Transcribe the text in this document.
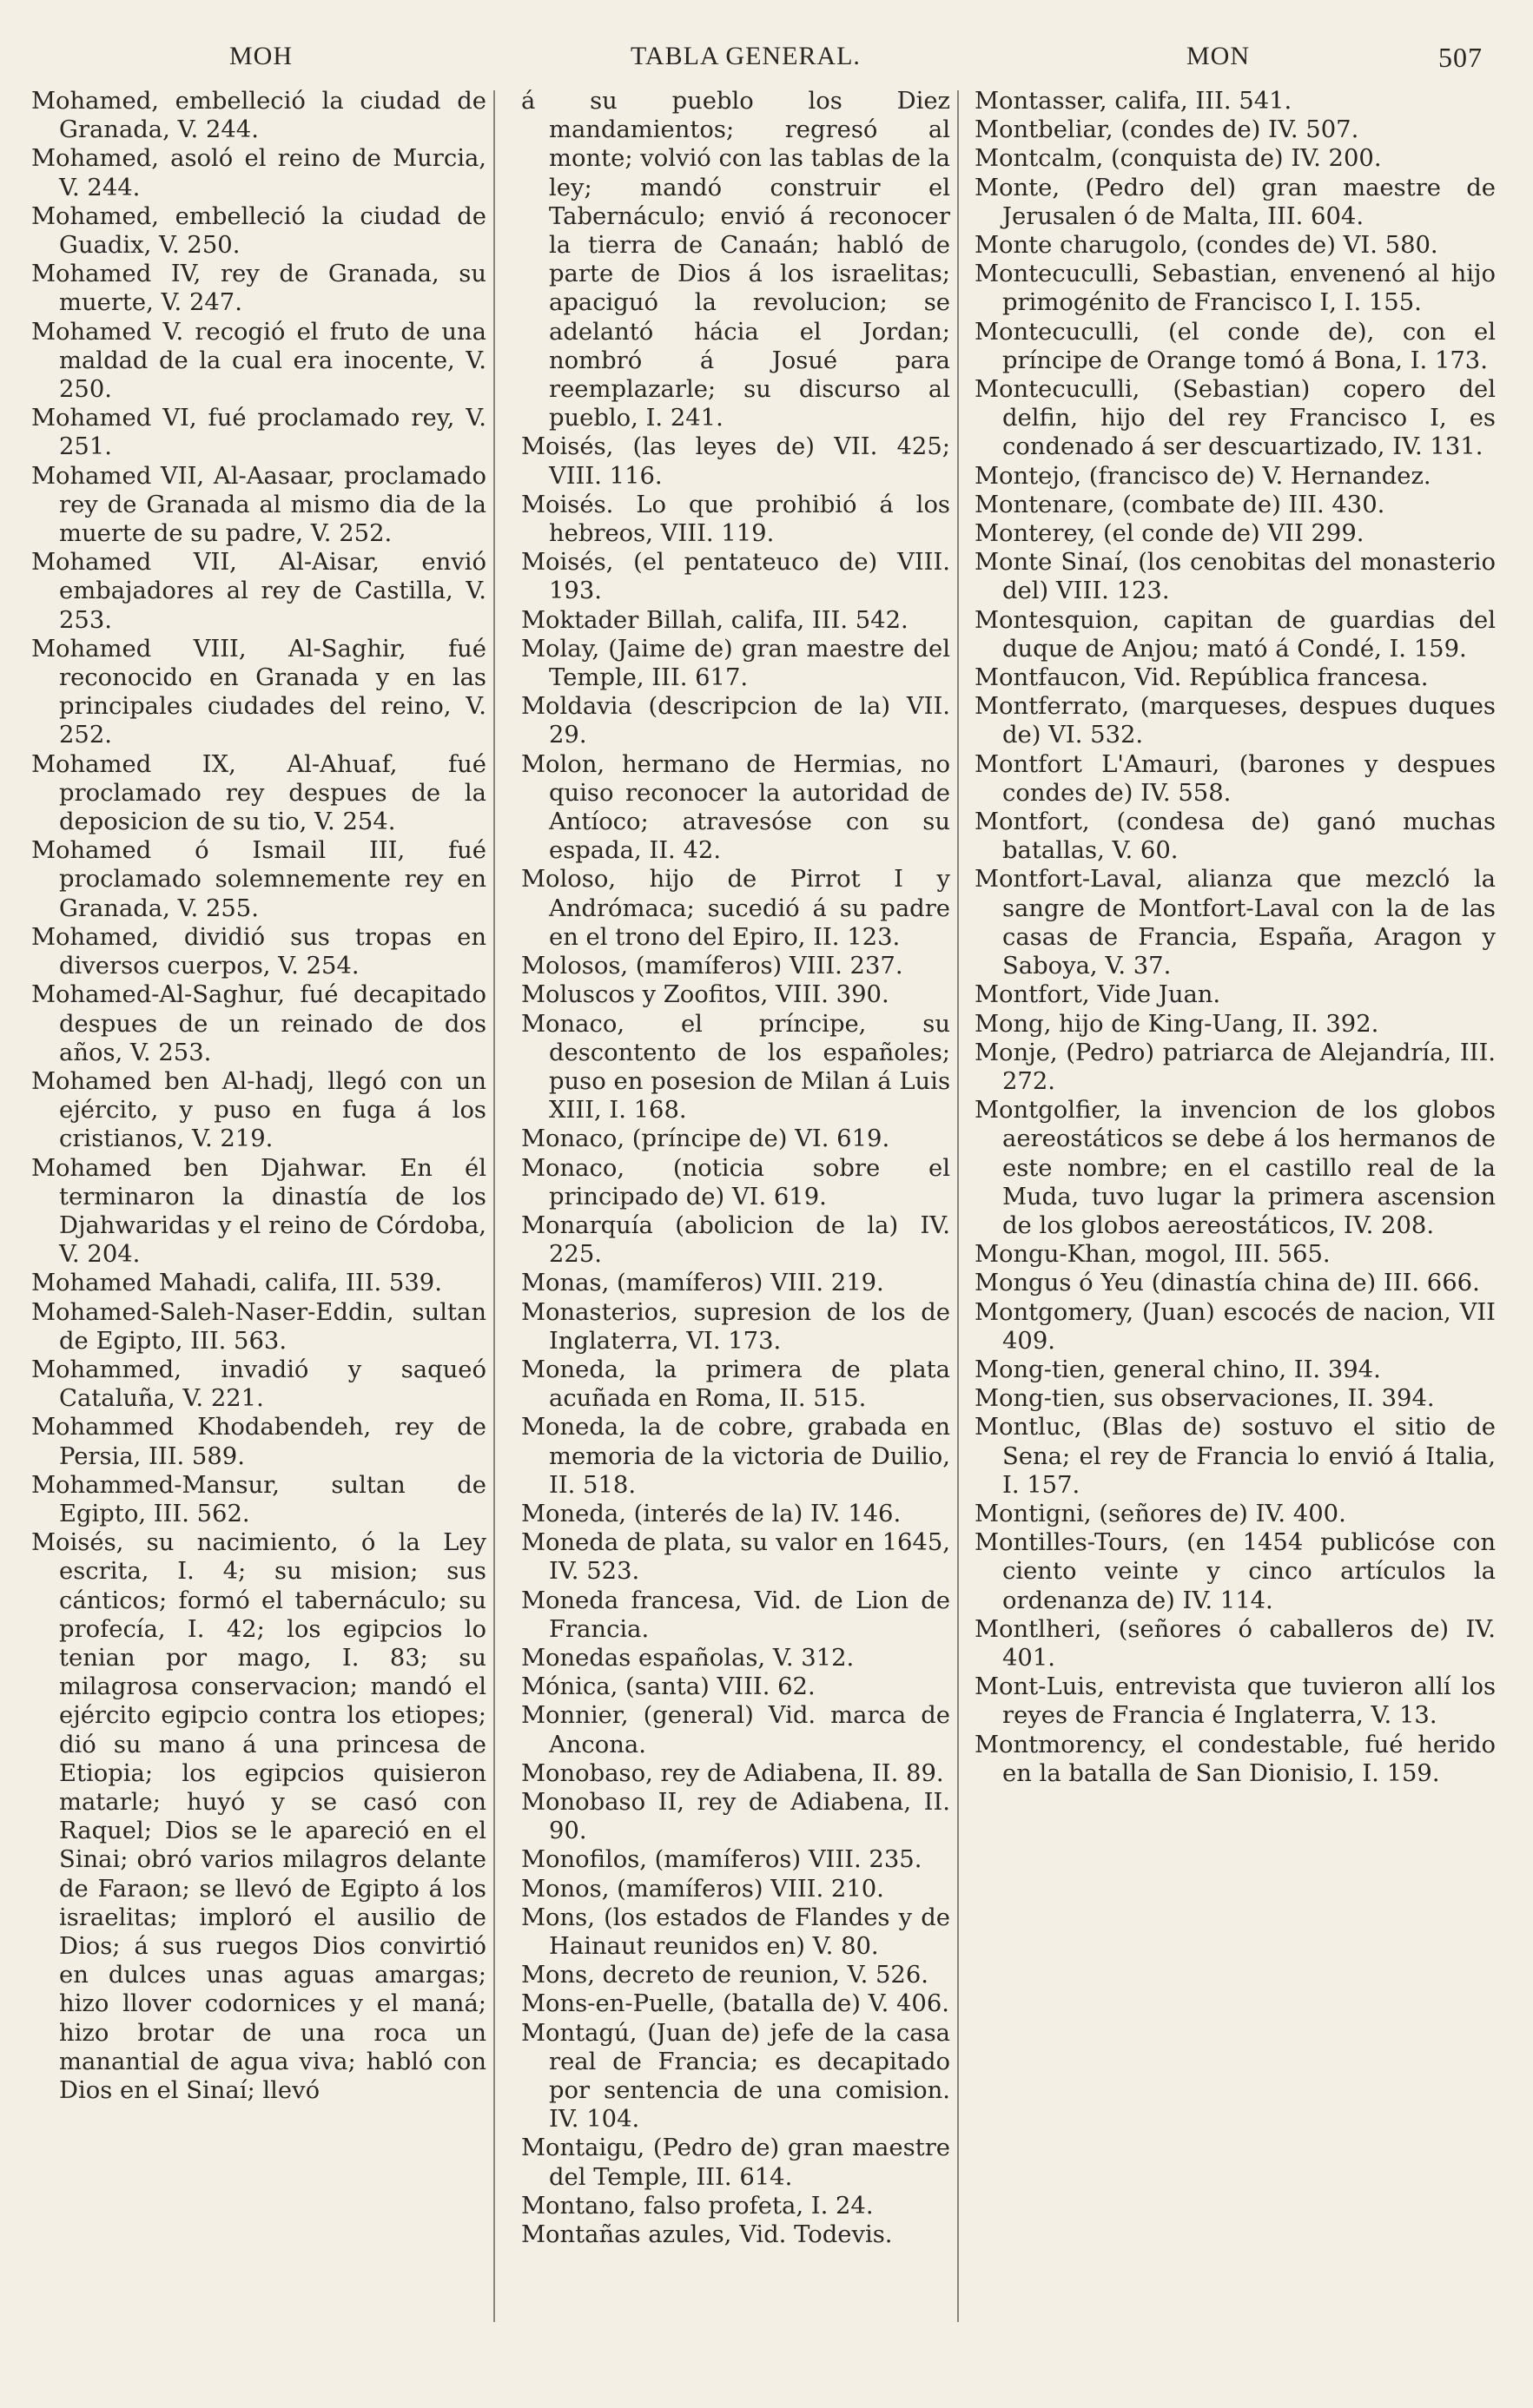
MOH	TABLA GENERAL.	MON	507

Mohamed, embelleció la ciudad de Granada, V. 244.

Mohamed, asoló el reino de Murcia, V. 244.

Mohamed, embelleció la ciudad de Guadix, V. 250.

Mohamed IV, rey de Granada, su muerte, V. 247.

Mohamed V. recogió el fruto de una maldad de la cual era inocente, V. 250.

Mohamed VI, fué proclamado rey, V. 251.

Mohamed VII, Al-Aasaar, proclamado rey de Granada al mismo dia de la muerte de su padre, V. 252.

Mohamed VII, Al-Aisar, envió embajadores al rey de Castilla, V. 253.

Mohamed VIII, Al-Saghir, fué reconocido en Granada y en las principales ciudades del reino, V. 252.

Mohamed IX, Al-Ahuaf, fué proclamado rey despues de la deposicion de su tio, V. 254.

Mohamed ó Ismail III, fué proclamado solemnemente rey en Granada, V. 255.

Mohamed, dividió sus tropas en diversos cuerpos, V. 254.

Mohamed-Al-Saghur, fué decapitado despues de un reinado de dos años, V. 253.

Mohamed ben Al-hadj, llegó con un ejército, y puso en fuga á los cristianos, V. 219.

Mohamed ben Djahwar. En él terminaron la dinastía de los Djahwaridas y el reino de Córdoba, V. 204.

Mohamed Mahadi, califa, III. 539.

Mohamed-Saleh-Naser-Eddin, sultan de Egipto, III. 563.

Mohammed, invadió y saqueó Cataluña, V. 221.

Mohammed Khodabendeh, rey de Persia, III. 589.

Mohammed-Mansur, sultan de Egipto, III. 562.

Moisés, su nacimiento, ó la Ley escrita, I. 4; su mision; sus cánticos; formó el tabernáculo; su profecía, I. 42; los egipcios lo tenian por mago, I. 83; su milagrosa conservacion; mandó el ejército egipcio contra los etiopes; dió su mano á una princesa de Etiopia; los egipcios quisieron matarle; huyó y se casó con Raquel; Dios se le apareció en el Sinai; obró varios milagros delante de Faraon; se llevó de Egipto á los israelitas; imploró el ausilio de Dios; á sus ruegos Dios convirtió en dulces unas aguas amargas; hizo llover codornices y el maná; hizo brotar de una roca un manantial de agua viva; habló con Dios en el Sinaí; llevó

á su pueblo los Diez mandamientos; regresó al monte; volvió con las tablas de la ley; mandó construir el Tabernáculo; envió á reconocer la tierra de Canaán; habló de parte de Dios á los israelitas; apaciguó la revolucion; se adelantó hácia el Jordan; nombró á Josué para reemplazarle; su discurso al pueblo, I. 241.

Moisés, (las leyes de) VII. 425; VIII. 116.

Moisés. Lo que prohibió á los hebreos, VIII. 119.

Moisés, (el pentateuco de) VIII. 193.

Moktader Billah, califa, III. 542.

Molay, (Jaime de) gran maestre del Temple, III. 617.

Moldavia (descripcion de la) VII. 29.

Molon, hermano de Hermias, no quiso reconocer la autoridad de Antíoco; atravesóse con su espada, II. 42.

Moloso, hijo de Pirrot I y Andrómaca; sucedió á su padre en el trono del Epiro, II. 123.

Molosos, (mamíferos) VIII. 237.

Moluscos y Zoofitos, VIII. 390.

Monaco, el príncipe, su descontento de los españoles; puso en posesion de Milan á Luis XIII, I. 168.

Monaco, (príncipe de) VI. 619.

Monaco, (noticia sobre el principado de) VI. 619.

Monarquía (abolicion de la) IV. 225.

Monas, (mamíferos) VIII. 219.

Monasterios, supresion de los de Inglaterra, VI. 173.

Moneda, la primera de plata acuñada en Roma, II. 515.

Moneda, la de cobre, grabada en memoria de la victoria de Duilio, II. 518.

Moneda, (interés de la) IV. 146.

Moneda de plata, su valor en 1645, IV. 523.

Moneda francesa, Vid. de Lion de Francia.

Monedas españolas, V. 312.

Mónica, (santa) VIII. 62.

Monnier, (general) Vid. marca de Ancona.

Monobaso, rey de Adiabena, II. 89.

Monobaso II, rey de Adiabena, II. 90.

Monofilos, (mamíferos) VIII. 235.

Monos, (mamíferos) VIII. 210.

Mons, (los estados de Flandes y de Hainaut reunidos en) V. 80.

Mons, decreto de reunion, V. 526.

Mons-en-Puelle, (batalla de) V. 406.

Montagú, (Juan de) jefe de la casa real de Francia; es decapitado por sentencia de una comision. IV. 104.

Montaigu, (Pedro de) gran maestre del Temple, III. 614.

Montano, falso profeta, I. 24.

Montañas azules, Vid. Todevis.

Montasser, califa, III. 541.

Montbeliar, (condes de) IV. 507.

Montcalm, (conquista de) IV. 200.

Monte, (Pedro del) gran maestre de Jerusalen ó de Malta, III. 604.

Monte charugolo, (condes de) VI. 580.

Montecuculli, Sebastian, envenenó al hijo primogénito de Francisco I, I. 155.

Montecuculli, (el conde de), con el príncipe de Orange tomó á Bona, I. 173.

Montecuculli, (Sebastian) copero del delfin, hijo del rey Francisco I, es condenado á ser descuartizado, IV. 131.

Montejo, (francisco de) V. Hernandez.

Montenare, (combate de) III. 430.

Monterey, (el conde de) VII 299.

Monte Sinaí, (los cenobitas del monasterio del) VIII. 123.

Montesquion, capitan de guardias del duque de Anjou; mató á Condé, I. 159.

Montfaucon, Vid. República francesa.

Montferrato, (marqueses, despues duques de) VI. 532.

Montfort L'Amauri, (barones y despues condes de) IV. 558.

Montfort, (condesa de) ganó muchas batallas, V. 60.

Montfort-Laval, alianza que mezcló la sangre de Montfort-Laval con la de las casas de Francia, España, Aragon y Saboya, V. 37.

Montfort, Vide Juan.

Mong, hijo de King-Uang, II. 392.

Monje, (Pedro) patriarca de Alejandría, III. 272.

Montgolfier, la invencion de los globos aereostáticos se debe á los hermanos de este nombre; en el castillo real de la Muda, tuvo lugar la primera ascension de los globos aereostáticos, IV. 208.

Mongu-Khan, mogol, III. 565.

Mongus ó Yeu (dinastía china de) III. 666.

Montgomery, (Juan) escocés de nacion, VII 409.

Mong-tien, general chino, II. 394.

Mong-tien, sus observaciones, II. 394.

Montluc, (Blas de) sostuvo el sitio de Sena; el rey de Francia lo envió á Italia, I. 157.

Montigni, (señores de) IV. 400.

Montilles-Tours, (en 1454 publicóse con ciento veinte y cinco artículos la ordenanza de) IV. 114.

Montlheri, (señores ó caballeros de) IV. 401.

Mont-Luis, entrevista que tuvieron allí los reyes de Francia é Inglaterra, V. 13.

Montmorency, el condestable, fué herido en la batalla de San Dionisio, I. 159.
